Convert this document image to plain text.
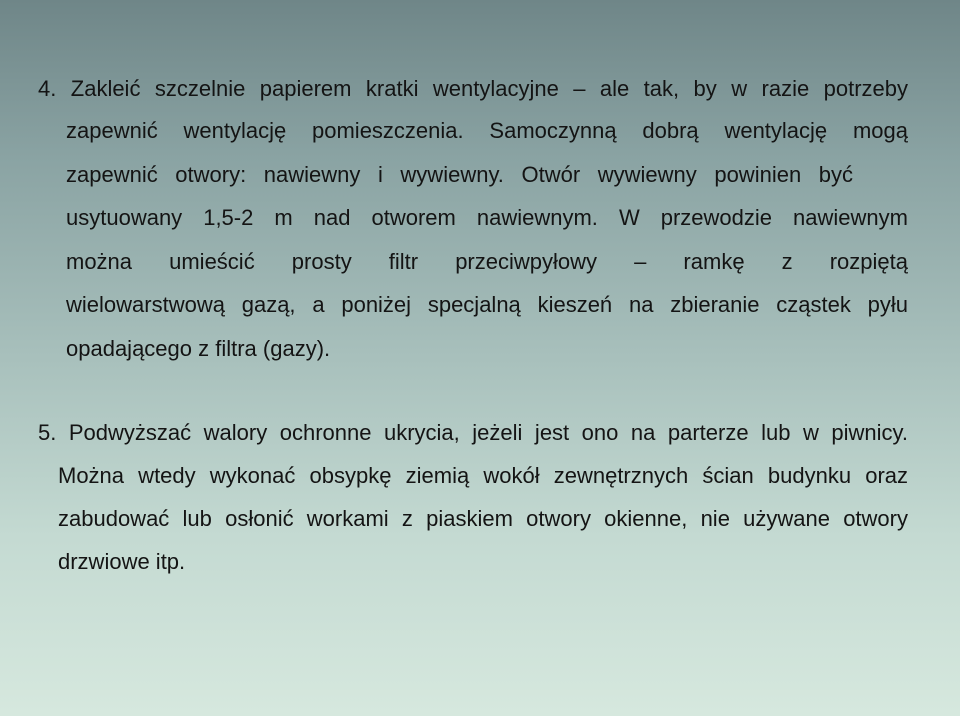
4. Zakleić szczelnie papierem kratki wentylacyjne – ale tak, by w razie potrzeby

zapewnić wentylację pomieszczenia. Samoczynną dobrą wentylację mogą

zapewnić otwory: nawiewny i wywiewny. Otwór wywiewny powinien być

usytuowany 1,5-2 m nad otworem nawiewnym. W przewodzie nawiewnym

można umieścić prosty filtr przeciwpyłowy – ramkę z rozpiętą

wielowarstwową gazą, a poniżej specjalną kieszeń na zbieranie cząstek pyłu

opadającego z filtra (gazy).

5. Podwyższać walory ochronne ukrycia, jeżeli jest ono na parterze lub w piwnicy.

Można wtedy wykonać obsypkę ziemią wokół zewnętrznych ścian budynku oraz

zabudować lub osłonić workami z piaskiem otwory okienne, nie używane otwory

drzwiowe itp.
